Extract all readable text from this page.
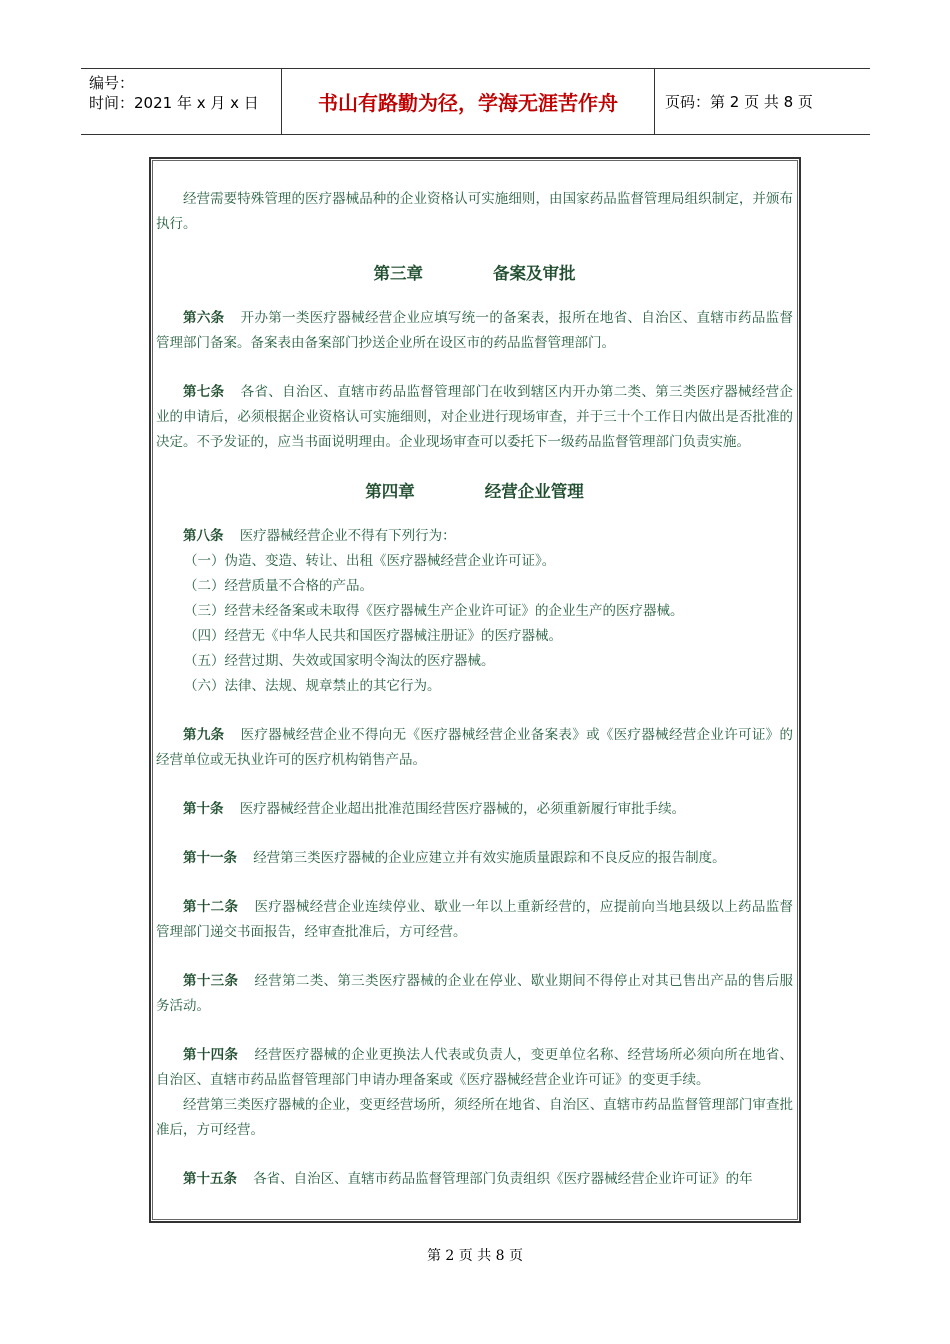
编号：
时间：2021 年 x 月 x 日	书山有路勤为径，学海无涯苦作舟	页码：第 2 页 共 8 页

经营需要特殊管理的医疗器械品种的企业资格认可实施细则，由国家药品监督管理局组织制定，并颁布执行。

第三章	备案及审批

第六条 开办第一类医疗器械经营企业应填写统一的备案表，报所在地省、自治区、直辖市药品监督管理部门备案。备案表由备案部门抄送企业所在设区市的药品监督管理部门。

第七条 各省、自治区、直辖市药品监督管理部门在收到辖区内开办第二类、第三类医疗器械经营企业的申请后，必须根据企业资格认可实施细则，对企业进行现场审查，并于三十个工作日内做出是否批准的决定。不予发证的，应当书面说明理由。企业现场审查可以委托下一级药品监督管理部门负责实施。

第四章	经营企业管理

第八条 医疗器械经营企业不得有下列行为：

（一）伪造、变造、转让、出租《医疗器械经营企业许可证》。
（二）经营质量不合格的产品。
（三）经营未经备案或未取得《医疗器械生产企业许可证》的企业生产的医疗器械。
（四）经营无《中华人民共和国医疗器械注册证》的医疗器械。
（五）经营过期、失效或国家明令淘汰的医疗器械。
（六）法律、法规、规章禁止的其它行为。

第九条 医疗器械经营企业不得向无《医疗器械经营企业备案表》或《医疗器械经营企业许可证》的经营单位或无执业许可的医疗机构销售产品。

第十条 医疗器械经营企业超出批准范围经营医疗器械的，必须重新履行审批手续。

第十一条 经营第三类医疗器械的企业应建立并有效实施质量跟踪和不良反应的报告制度。

第十二条 医疗器械经营企业连续停业、歇业一年以上重新经营的，应提前向当地县级以上药品监督管理部门递交书面报告，经审查批准后，方可经营。

第十三条 经营第二类、第三类医疗器械的企业在停业、歇业期间不得停止对其已售出产品的售后服务活动。

第十四条 经营医疗器械的企业更换法人代表或负责人，变更单位名称、经营场所必须向所在地省、自治区、直辖市药品监督管理部门申请办理备案或《医疗器械经营企业许可证》的变更手续。

经营第三类医疗器械的企业，变更经营场所，须经所在地省、自治区、直辖市药品监督管理部门审查批准后，方可经营。

第十五条 各省、自治区、直辖市药品监督管理部门负责组织《医疗器械经营企业许可证》的年

第 2 页 共 8 页
